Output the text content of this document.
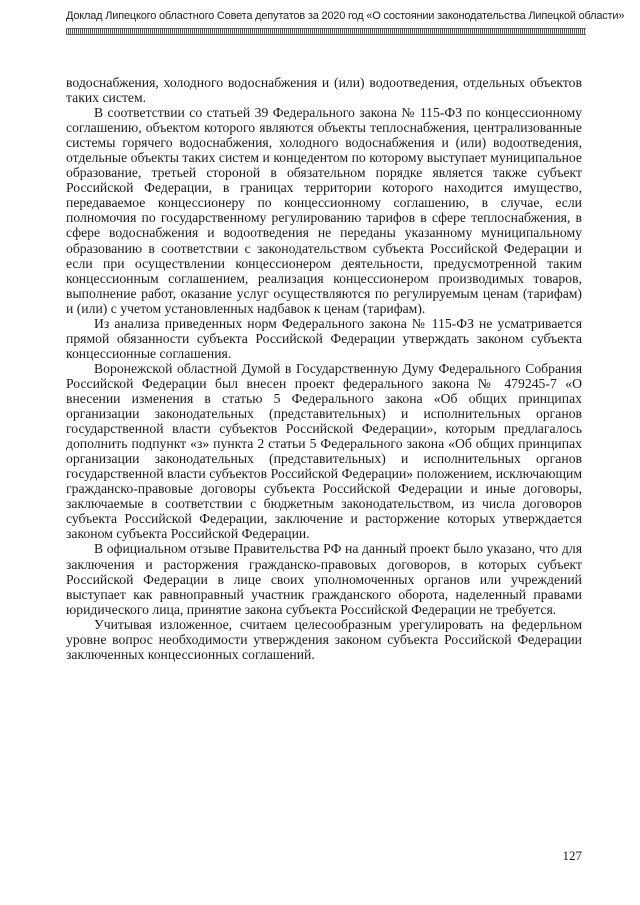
Доклад Липецкого областного Совета депутатов за 2020 год «О состоянии законодательства Липецкой области»

водоснабжения, холодного водоснабжения и (или) водоотведения, отдельных объектов таких систем.

В соответствии со статьей 39 Федерального закона № 115-ФЗ по концессионному соглашению, объектом которого являются объекты теплоснабжения, централизованные системы горячего водоснабжения, холодного водоснабжения и (или) водоотведения, отдельные объекты таких систем и концедентом по которому выступает муниципальное образование, третьей стороной в обязательном порядке является также субъект Российской Федерации, в границах территории которого находится имущество, передаваемое концессионеру по концессионному соглашению, в случае, если полномочия по государственному регулированию тарифов в сфере теплоснабжения, в сфере водоснабжения и водоотведения не переданы указанному муниципальному образованию в соответствии с законодательством субъекта Российской Федерации и если при осуществлении концессионером деятельности, предусмотренной таким концессионным соглашением, реализация концессионером производимых товаров, выполнение работ, оказание услуг осуществляются по регулируемым ценам (тарифам) и (или) с учетом установленных надбавок к ценам (тарифам).

Из анализа приведенных норм Федерального закона № 115-ФЗ не усматривается прямой обязанности субъекта Российской Федерации утверждать законом субъекта концессионные соглашения.

Воронежской областной Думой в Государственную Думу Федерального Собрания Российской Федерации был внесен проект федерального закона № 479245-7 «О внесении изменения в статью 5 Федерального закона «Об общих принципах организации законодательных (представительных) и исполнительных органов государственной власти субъектов Российской Федерации», которым предлагалось дополнить подпункт «з» пункта 2 статьи 5 Федерального закона «Об общих принципах организации законодательных (представительных) и исполнительных органов государственной власти субъектов Российской Федерации» положением, исключающим гражданско-правовые договоры субъекта Российской Федерации и иные договоры, заключаемые в соответствии с бюджетным законодательством, из числа договоров субъекта Российской Федерации, заключение и расторжение которых утверждается законом субъекта Российской Федерации.

В официальном отзыве Правительства РФ на данный проект было указано, что для заключения и расторжения гражданско-правовых договоров, в которых субъект Российской Федерации в лице своих уполномоченных органов или учреждений выступает как равноправный участник гражданского оборота, наделенный правами юридического лица, принятие закона субъекта Российской Федерации не требуется.

Учитывая изложенное, считаем целесообразным урегулировать на федерльном уровне вопрос необходимости утверждения законом субъекта Российской Федерации заключенных концессионных соглашений.

127
